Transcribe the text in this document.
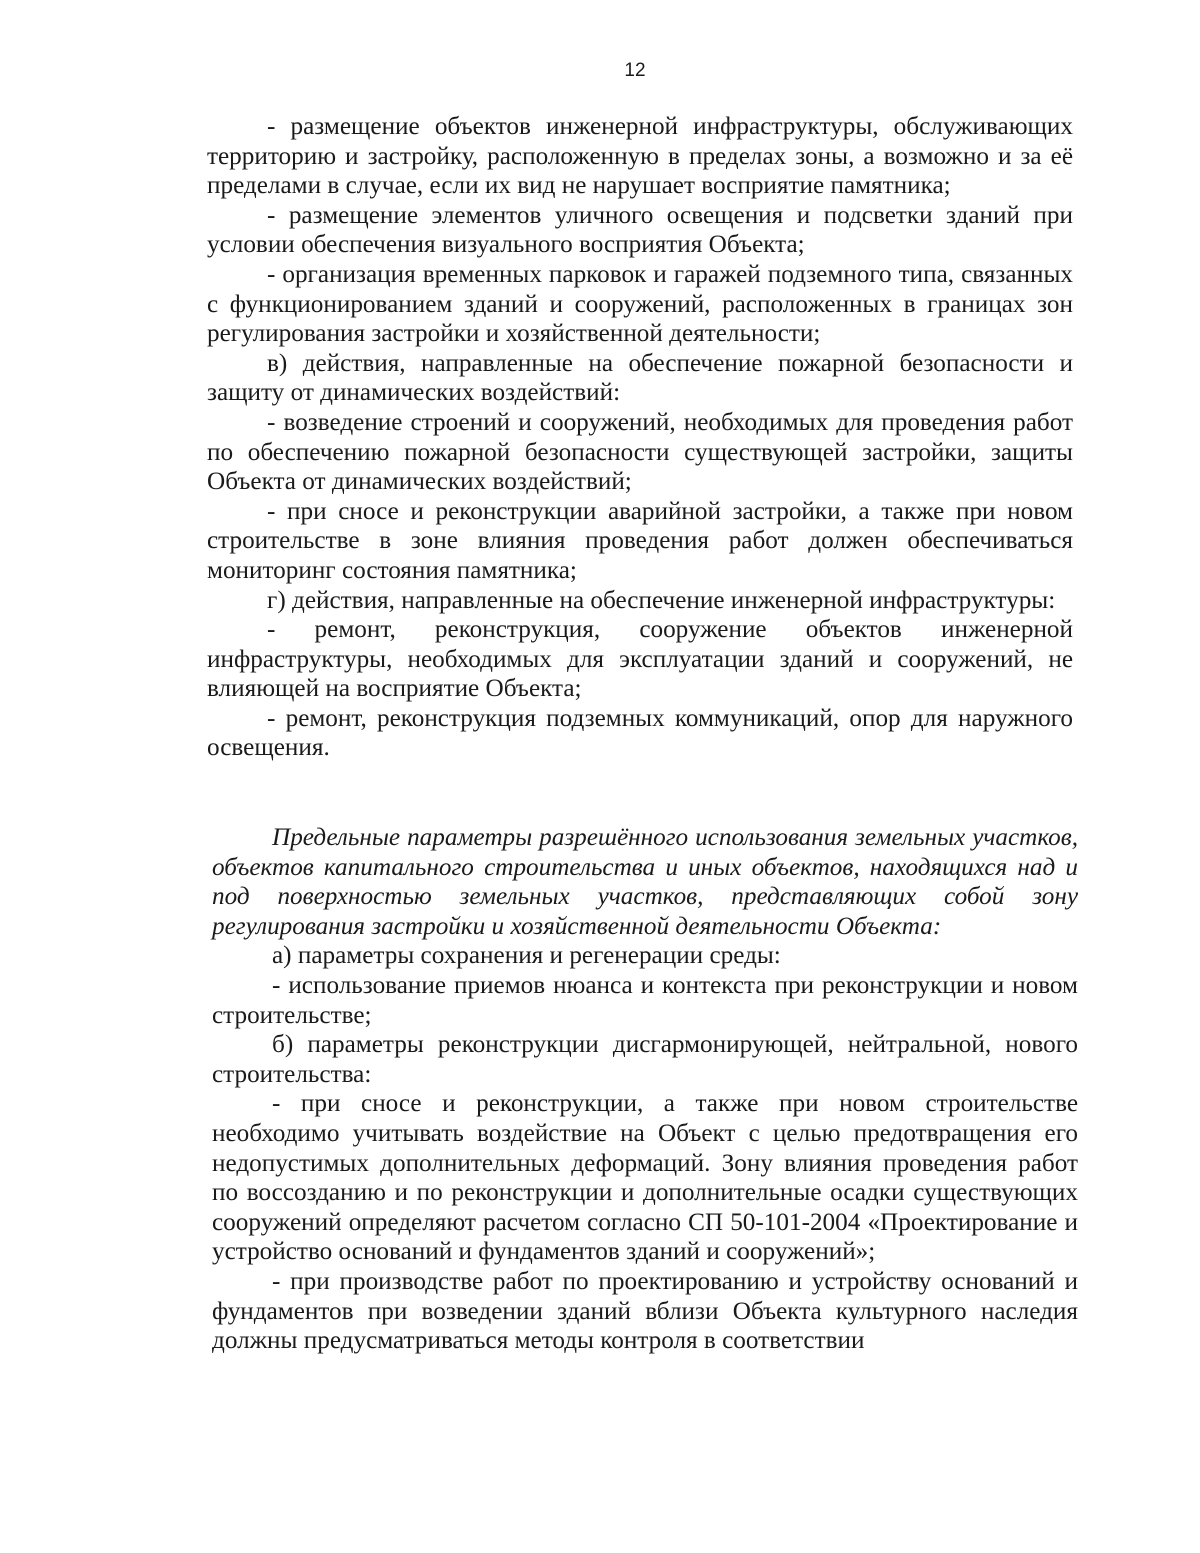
12

- размещение объектов инженерной инфраструктуры, обслуживающих территорию и застройку, расположенную в пределах зоны, а возможно и за её пределами в случае, если их вид не нарушает восприятие памятника;

- размещение элементов уличного освещения и подсветки зданий при условии обеспечения визуального восприятия Объекта;

- организация временных парковок и гаражей подземного типа, связанных с функционированием зданий и сооружений, расположенных в границах зон регулирования застройки и хозяйственной деятельности;

в) действия, направленные на обеспечение пожарной безопасности и защиту от динамических воздействий:

- возведение строений и сооружений, необходимых для проведения работ по обеспечению пожарной безопасности существующей застройки, защиты Объекта от динамических воздействий;

- при сносе и реконструкции аварийной застройки, а также при новом строительстве в зоне влияния проведения работ должен обеспечиваться мониторинг состояния памятника;

г) действия, направленные на обеспечение инженерной инфраструктуры:

- ремонт, реконструкция, сооружение объектов инженерной инфраструктуры, необходимых для эксплуатации зданий и сооружений, не влияющей на восприятие Объекта;

- ремонт, реконструкция подземных коммуникаций, опор для наружного освещения.

Предельные параметры разрешённого использования земельных участков, объектов капитального строительства и иных объектов, находящихся над и под поверхностью земельных участков, представляющих собой зону регулирования застройки и хозяйственной деятельности Объекта:

а) параметры сохранения и регенерации среды:

- использование приемов нюанса и контекста при реконструкции и новом строительстве;

б) параметры реконструкции дисгармонирующей, нейтральной, нового строительства:

- при сносе и реконструкции, а также при новом строительстве необходимо учитывать воздействие на Объект с целью предотвращения его недопустимых дополнительных деформаций. Зону влияния проведения работ по воссозданию и по реконструкции и дополнительные осадки существующих сооружений определяют расчетом согласно СП 50-101-2004 «Проектирование и устройство оснований и фундаментов зданий и сооружений»;

- при производстве работ по проектированию и устройству оснований и фундаментов при возведении зданий вблизи Объекта культурного наследия должны предусматриваться методы контроля в соответствии
